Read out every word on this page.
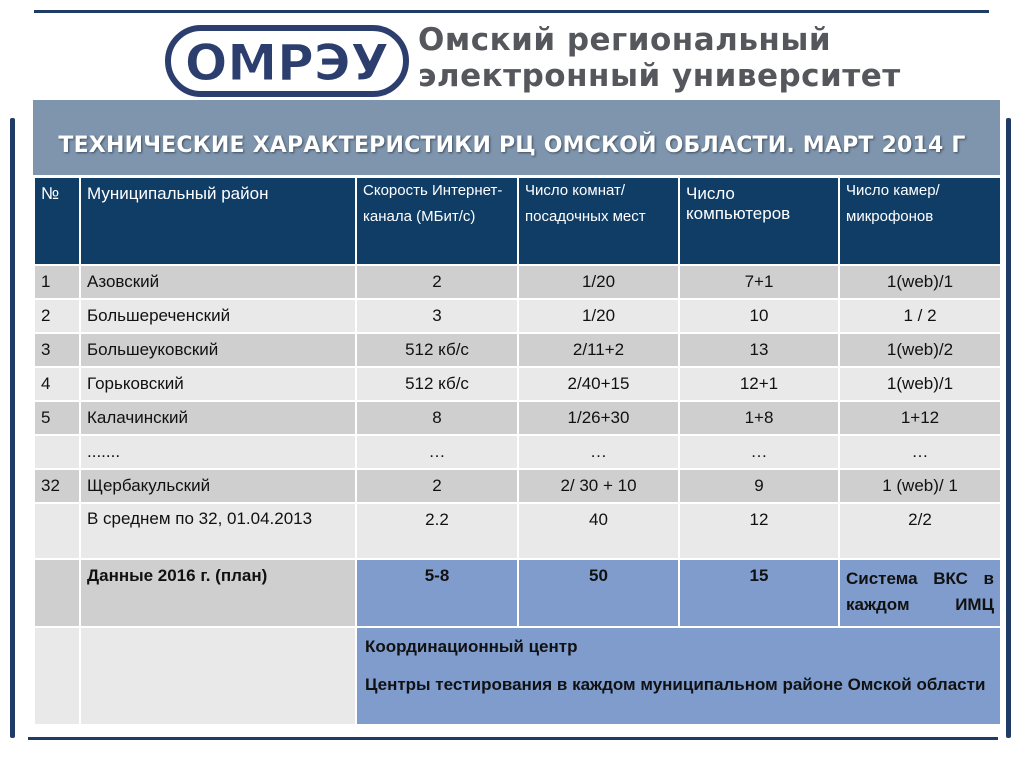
ОМРЭУ Омский региональный
электронный университет
ТЕХНИЧЕСКИЕ ХАРАКТЕРИСТИКИ РЦ ОМСКОЙ ОБЛАСТИ. МАРТ 2014 Г
№	Муниципальный район	Скорость Интернет-канала (МБит/с)	Число комнат/посадочных мест	Число компьютеров	Число камер/ микрофонов
1	Азовский	2	1/20	7+1	1(web)/1
2	Большереченский	3	1/20	10	1 / 2
3	Большеуковский	512 кб/с	2/11+2	13	1(web)/2
4	Горьковский	512 кб/с	2/40+15	12+1	1(web)/1
5	Калачинский	8	1/26+30	1+8	1+12
	.......	…	…	…	…
32	Щербакульский	2	2/ 30 + 10	9	1 (web)/ 1
	В среднем по 32, 01.04.2013	2.2	40	12	2/2
	Данные 2016 г. (план)	5-8	50	15	Система ВКС в каждом ИМЦ

		Координационный центр
Центры тестирования в каждом муниципальном районе Омской области			
